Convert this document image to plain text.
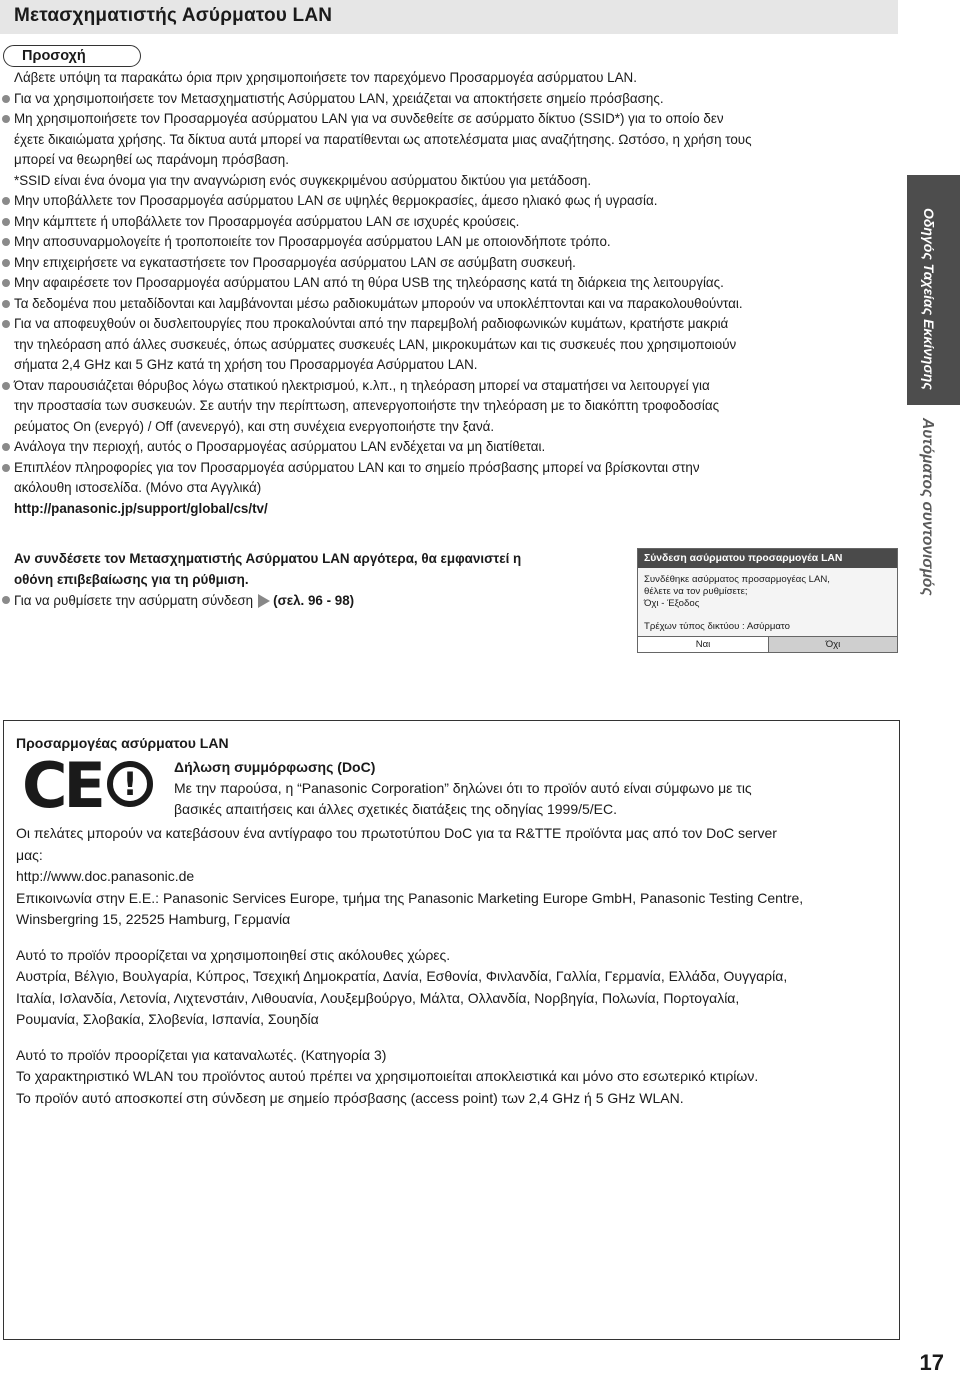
Μετασχηματιστής Ασύρματου LAN
Προσοχή
Λάβετε υπόψη τα παρακάτω όρια πριν χρησιμοποιήσετε τον παρεχόμενο Προσαρμογέα ασύρματου LAN.
Για να χρησιμοποιήσετε τον Μετασχηματιστής Ασύρματου LAN, χρειάζεται να αποκτήσετε σημείο πρόσβασης.
Μη χρησιμοποιήσετε τον Προσαρμογέα ασύρματου LAN για να συνδεθείτε σε ασύρματο δίκτυο (SSID*) για το οποίο δεν
έχετε δικαιώματα χρήσης. Τα δίκτυα αυτά μπορεί να παρατίθενται ως αποτελέσματα μιας αναζήτησης. Ωστόσο, η χρήση τους
μπορεί να θεωρηθεί ως παράνομη πρόσβαση.
*SSID είναι ένα όνομα για την αναγνώριση ενός συγκεκριμένου ασύρματου δικτύου για μετάδοση.
Μην υποβάλλετε τον Προσαρμογέα ασύρματου LAN σε υψηλές θερμοκρασίες, άμεσο ηλιακό φως ή υγρασία.
Μην κάμπτετε ή υποβάλλετε τον Προσαρμογέα ασύρματου LAN σε ισχυρές κρούσεις.
Μην αποσυναρμολογείτε ή τροποποιείτε τον Προσαρμογέα ασύρματου LAN με οποιονδήποτε τρόπο.
Μην επιχειρήσετε να εγκαταστήσετε τον Προσαρμογέα ασύρματου LAN σε ασύμβατη συσκευή.
Μην αφαιρέσετε τον Προσαρμογέα ασύρματου LAN από τη θύρα USB της τηλεόρασης κατά τη διάρκεια της λειτουργίας.
Τα δεδομένα που μεταδίδονται και λαμβάνονται μέσω ραδιοκυμάτων μπορούν να υποκλέπτονται και να παρακολουθούνται.
Για να αποφευχθούν οι δυσλειτουργίες που προκαλούνται από την παρεμβολή ραδιοφωνικών κυμάτων, κρατήστε μακριά
την τηλεόραση από άλλες συσκευές, όπως ασύρματες συσκευές LAN, μικροκυμάτων και τις συσκευές που χρησιμοποιούν
σήματα 2,4 GHz και 5 GHz κατά τη χρήση του Προσαρμογέα Ασύρματου LAN.
Όταν παρουσιάζεται θόρυβος λόγω στατικού ηλεκτρισμού, κ.λπ., η τηλεόραση μπορεί να σταματήσει να λειτουργεί για
την προστασία των συσκευών. Σε αυτήν την περίπτωση, απενεργοποιήστε την τηλεόραση με το διακόπτη τροφοδοσίας
ρεύματος On (ενεργό) / Off (ανενεργό), και στη συνέχεια ενεργοποιήστε την ξανά.
Ανάλογα την περιοχή, αυτός ο Προσαρμογέας ασύρματου LAN ενδέχεται να μη διατίθεται.
Επιπλέον πληροφορίες για τον Προσαρμογέα ασύρματου LAN και το σημείο πρόσβασης μπορεί να βρίσκονται στην
ακόλουθη ιστοσελίδα. (Μόνο στα Αγγλικά)
http://panasonic.jp/support/global/cs/tv/
Αν συνδέσετε τον Μετασχηματιστής Ασύρματου LAN αργότερα, θα εμφανιστεί η
οθόνη επιβεβαίωσης για τη ρύθμιση.
Για να ρυθμίσετε την ασύρματη σύνδεση (σελ. 96 - 98)
Σύνδεση ασύρματου προσαρμογέα LAN
Συνδέθηκε ασύρματος προσαρμογέας LAN,
θέλετε να τον ρυθμίσετε;
Όχι - Έξοδος
Τρέχων τύπος δικτύου : Ασύρματο
Ναι	Όχι
Οδηγός Ταχείας Εκκίνησης
Αυτόματος συντονισμός
Προσαρμογέας ασύρματου LAN
CE !	Δήλωση συμμόρφωσης (DoC)
Με την παρούσα, η “Panasonic Corporation” δηλώνει ότι το προϊόν αυτό είναι σύμφωνο με τις
βασικές απαιτήσεις και άλλες σχετικές διατάξεις της οδηγίας 1999/5/EC.
Οι πελάτες μπορούν να κατεβάσουν ένα αντίγραφο του πρωτοτύπου DoC για τα R&TTE προϊόντα μας από τον DoC server
μας:
http://www.doc.panasonic.de
Επικοινωνία στην Ε.Ε.: Panasonic Services Europe, τμήμα της Panasonic Marketing Europe GmbH, Panasonic Testing Centre,
Winsbergring 15, 22525 Hamburg, Γερμανία
Αυτό το προϊόν προορίζεται να χρησιμοποιηθεί στις ακόλουθες χώρες.
Αυστρία, Βέλγιο, Βουλγαρία, Κύπρος, Τσεχική Δημοκρατία, Δανία, Εσθονία, Φινλανδία, Γαλλία, Γερμανία, Ελλάδα, Ουγγαρία,
Ιταλία, Ισλανδία, Λετονία, Λιχτενστάιν, Λιθουανία, Λουξεμβούργο, Μάλτα, Ολλανδία, Νορβηγία, Πολωνία, Πορτογαλία,
Ρουμανία, Σλοβακία, Σλοβενία, Ισπανία, Σουηδία
Αυτό το προϊόν προορίζεται για καταναλωτές. (Κατηγορία 3)
Το χαρακτηριστικό WLAN του προϊόντος αυτού πρέπει να χρησιμοποιείται αποκλειστικά και μόνο στο εσωτερικό κτιρίων.
Το προϊόν αυτό αποσκοπεί στη σύνδεση με σημείο πρόσβασης (access point) των 2,4 GHz ή 5 GHz WLAN.
17
